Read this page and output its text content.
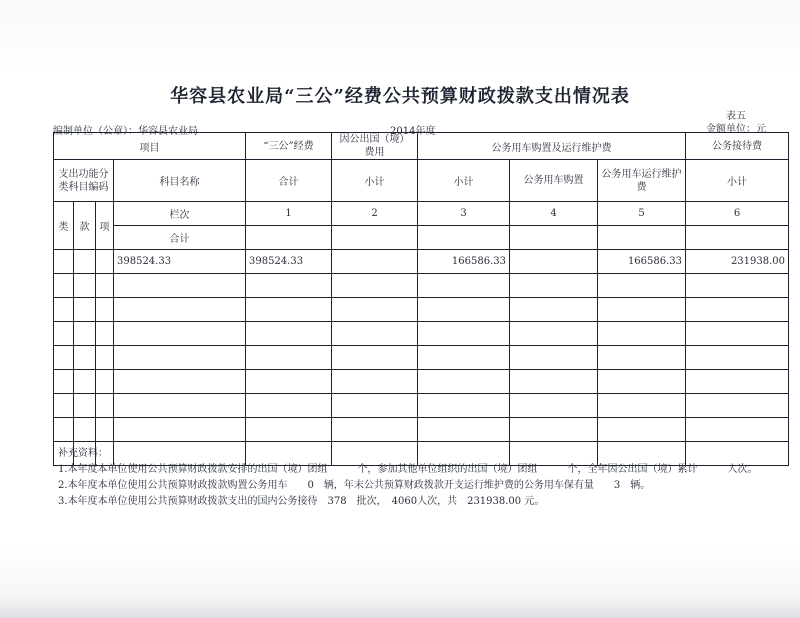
华容县农业局“三公”经费公共预算财政拨款支出情况表
表五
金额单位：元
编制单位（公章）：华容县农业局	2014年度
项目				“三公”经费	因公出国（境）费用	公务用车购置及运行维护费			公务接待费
支出功能分类科目编码			科目名称	合计	小计	小计	公务用车购置	公务用车运行维护费	小计
类	款	项	栏次	1	2	3	4	5	6
			合计						
			398524.33	398524.33		166586.33		166586.33	231938.00

补充资料：
1.本年度本单位使用公共预算财政拨款安排的出国（境）团组　　　个，参加其他单位组织的出国（境）团组　　　个，全年因公出国（境）累计　　　人次。
2.本年度本单位使用公共预算财政拨款购置公务用车　　0　辆，年末公共预算财政拨款开支运行维护费的公务用车保有量　　3　辆。
3.本年度本单位使用公共预算财政拨款支出的国内公务接待　378　批次，　4060人次，共　231938.00 元。
